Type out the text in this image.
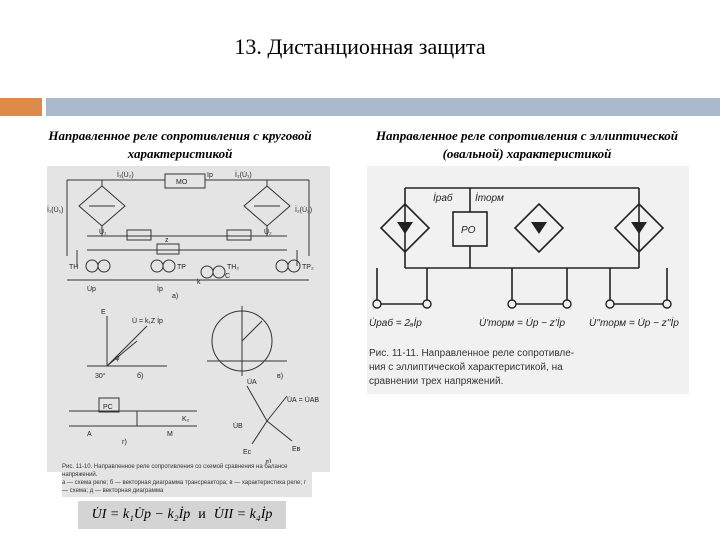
13. Дистанционная защита
Направленное реле сопротивления с круговой характеристикой
Направленное реле сопротивления с эллиптической (овальной) характеристикой
İ₁(U̇₂)
МО
Iр	İ₂(U̇₁)
İ₁(U̇₁)	İ₂(U̇₂)
U̇₁	U̇₂
z
TH	TP	TH₂	TP₂
U̇р	İр
k
C
a)
E
U̇ = k₁Z İр
φ
30°	б)	в)
РС
A	M
K₂
г)
U̇А
U̇А = U̇АВ
U̇В
Eс	Eв
Рис. 11-10. Направленное реле сопротивления со схемой сравнения на балансе напряжений.
а — схема реле; б — векторная диаграмма трансреактора; в — характеристика реле; г — схема; д — векторная диаграмма
U̇I = k₁U̇р − k₂İр и U̇II = k₄İр
İраб İторм
РО
U̇раб = 2ₐİр	U̇'торм = U̇р − z'İр U̇''торм = U̇р − z''İр
Рис. 11-11. Направленное реле сопротивле-
ния с эллиптической характеристикой, на
сравнении трех напряжений.
